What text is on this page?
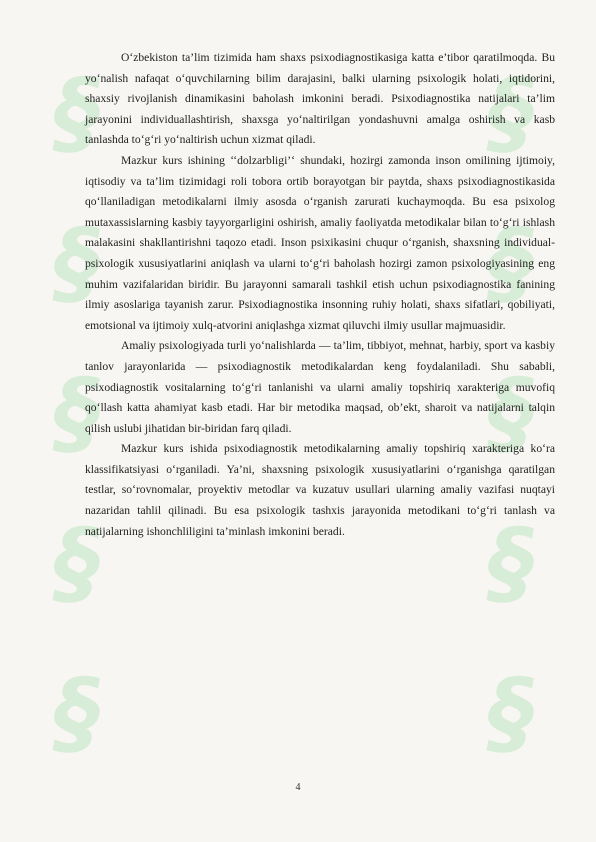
§
§
§
§
§
§
§
§
§
§

O‘zbekiston ta’lim tizimida ham shaxs psixodiagnostikasiga katta e’tibor qaratilmoqda. Bu yo‘nalish nafaqat o‘quvchilarning bilim darajasini, balki ularning psixologik holati, iqtidorini, shaxsiy rivojlanish dinamikasini baholash imkonini beradi. Psixodiagnostika natijalari ta’lim jarayonini individuallashtirish, shaxsga yo‘naltirilgan yondashuvni amalga oshirish va kasb tanlashda to‘g‘ri yo‘naltirish uchun xizmat qiladi.

Mazkur kurs ishining ‘‘dolzarbligi’‘ shundaki, hozirgi zamonda inson omilining ijtimoiy, iqtisodiy va ta’lim tizimidagi roli tobora ortib borayotgan bir paytda, shaxs psixodiagnostikasida qo‘llaniladigan metodikalarni ilmiy asosda o‘rganish zarurati kuchaymoqda. Bu esa psixolog mutaxassislarning kasbiy tayyorgarligini oshirish, amaliy faoliyatda metodikalar bilan to‘g‘ri ishlash malakasini shakllantirishni taqozo etadi. Inson psixikasini chuqur o‘rganish, shaxsning individual-psixologik xususiyatlarini aniqlash va ularni to‘g‘ri baholash hozirgi zamon psixologiyasining eng muhim vazifalaridan biridir. Bu jarayonni samarali tashkil etish uchun psixodiagnostika fanining ilmiy asoslariga tayanish zarur. Psixodiagnostika insonning ruhiy holati, shaxs sifatlari, qobiliyati, emotsional va ijtimoiy xulq-atvorini aniqlashga xizmat qiluvchi ilmiy usullar majmuasidir.

Amaliy psixologiyada turli yo‘nalishlarda — ta’lim, tibbiyot, mehnat, harbiy, sport va kasbiy tanlov jarayonlarida — psixodiagnostik metodikalardan keng foydalaniladi. Shu sababli, psixodiagnostik vositalarning to‘g‘ri tanlanishi va ularni amaliy topshiriq xarakteriga muvofiq qo‘llash katta ahamiyat kasb etadi. Har bir metodika maqsad, ob’ekt, sharoit va natijalarni talqin qilish uslubi jihatidan bir-biridan farq qiladi.

Mazkur kurs ishida psixodiagnostik metodikalarning amaliy topshiriq xarakteriga ko‘ra klassifikatsiyasi o‘rganiladi. Ya’ni, shaxsning psixologik xususiyatlarini o‘rganishga qaratilgan testlar, so‘rovnomalar, proyektiv metodlar va kuzatuv usullari ularning amaliy vazifasi nuqtayi nazaridan tahlil qilinadi. Bu esa psixologik tashxis jarayonida metodikani to‘g‘ri tanlash va natijalarning ishonchliligini ta’minlash imkonini beradi.

4
